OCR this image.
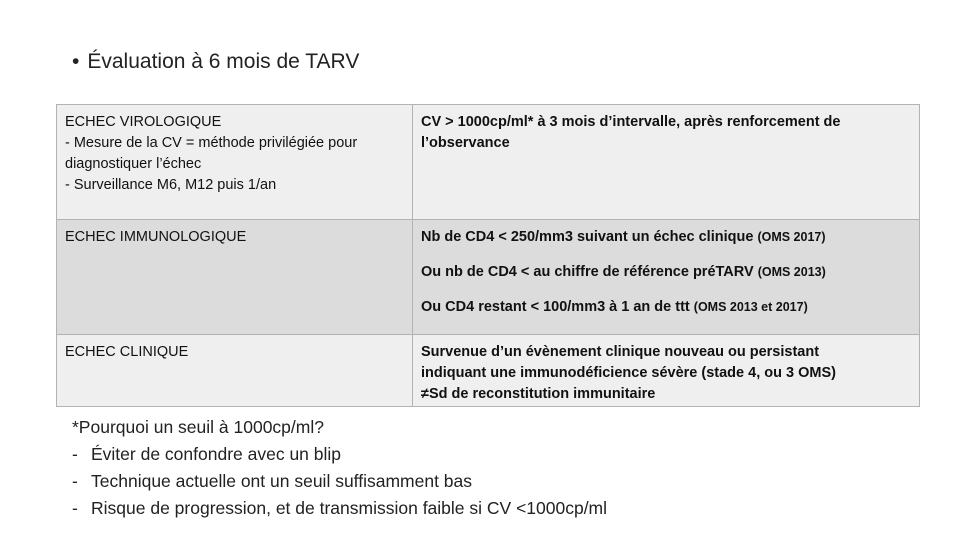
• Évaluation à 6 mois de TARV
ECHEC VIROLOGIQUE
- Mesure de la CV = méthode privilégiée pour
diagnostiquer l’échec
- Surveillance M6, M12 puis 1/an	CV > 1000cp/ml* à 3 mois d’intervalle, après renforcement de l’observance

ECHEC IMMUNOLOGIQUE	Nb de CD4 < 250/mm3 suivant un échec clinique (OMS 2017)
Ou nb de CD4 < au chiffre de référence préTARV (OMS 2013)
Ou CD4 restant < 100/mm3 à 1 an de ttt (OMS 2013 et 2017)

ECHEC CLINIQUE	Survenue d’un évènement clinique nouveau ou persistant
indiquant une immunodéficience sévère (stade 4, ou 3 OMS)
≠Sd de reconstitution immunitaire
*Pourquoi un seuil à 1000cp/ml?
- Éviter de confondre avec un blip
- Technique actuelle ont un seuil suffisamment bas
- Risque de progression, et de transmission faible si CV <1000cp/ml
